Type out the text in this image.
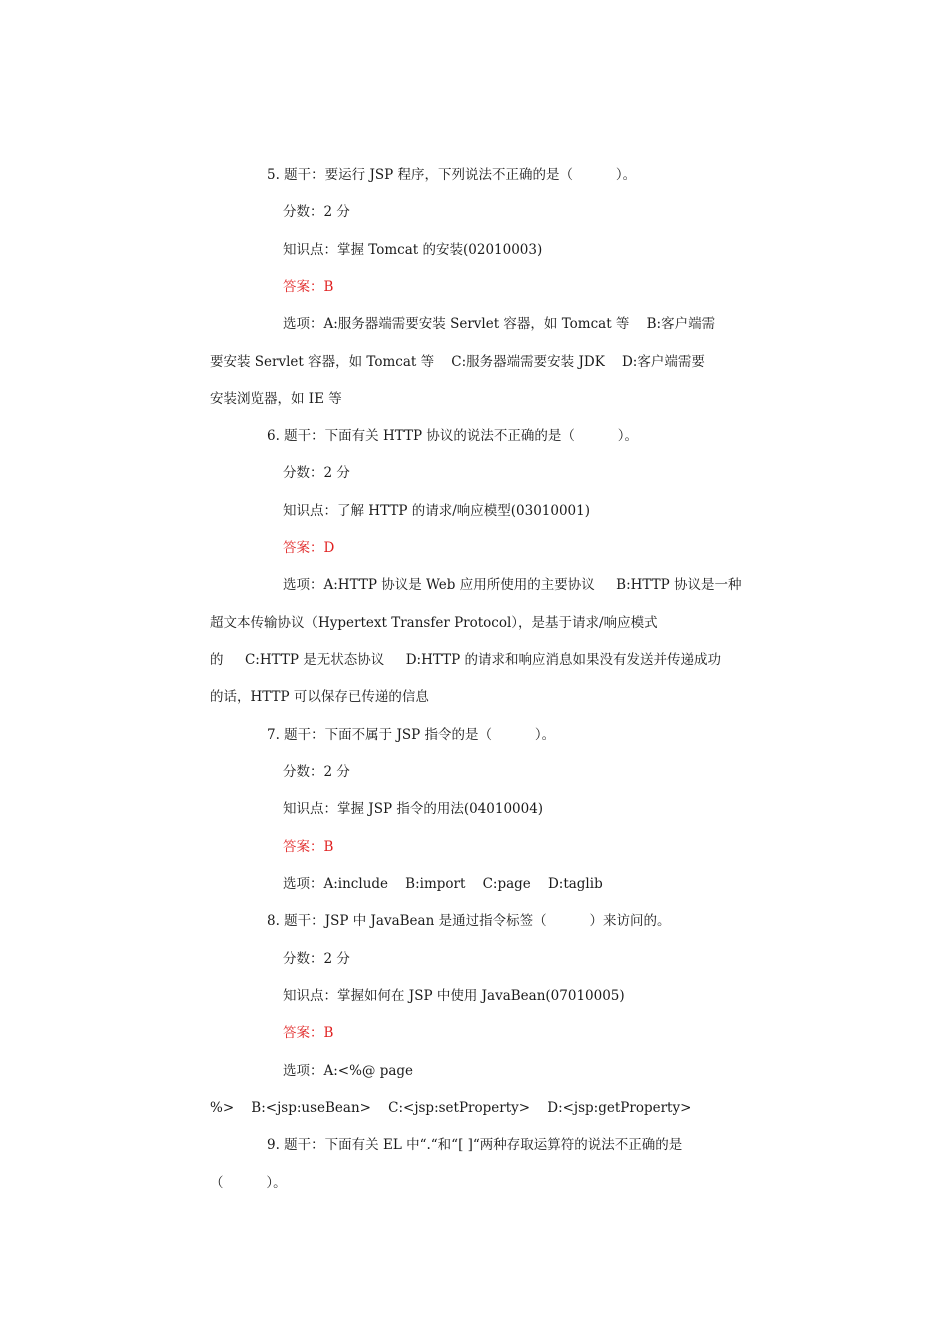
5. 题干：要运行 JSP 程序，下列说法不正确的是（          ）。
分数：2 分
知识点：掌握 Tomcat 的安装(02010003)
答案：B
选项：A:服务器端需要安装 Servlet 容器，如 Tomcat 等    B:客户端需
要安装 Servlet 容器，如 Tomcat 等    C:服务器端需要安装 JDK    D:客户端需要
安装浏览器，如 IE 等
6. 题干：下面有关 HTTP 协议的说法不正确的是（          ）。
分数：2 分
知识点：了解 HTTP 的请求/响应模型(03010001)
答案：D
选项：A:HTTP 协议是 Web 应用所使用的主要协议     B:HTTP 协议是一种
超文本传输协议（Hypertext Transfer Protocol），是基于请求/响应模式
的     C:HTTP 是无状态协议     D:HTTP 的请求和响应消息如果没有发送并传递成功
的话，HTTP 可以保存已传递的信息
7. 题干：下面不属于 JSP 指令的是（          ）。
分数：2 分
知识点：掌握 JSP 指令的用法(04010004)
答案：B
选项：A:include    B:import    C:page    D:taglib
8. 题干：JSP 中 JavaBean 是通过指令标签（          ）来访问的。
分数：2 分
知识点：掌握如何在 JSP 中使用 JavaBean(07010005)
答案：B
选项：A:<%@ page
%>    B:<jsp:useBean>    C:<jsp:setProperty>    D:<jsp:getProperty>
9. 题干：下面有关 EL 中“.“和“[ ]“两种存取运算符的说法不正确的是
（          ）。
